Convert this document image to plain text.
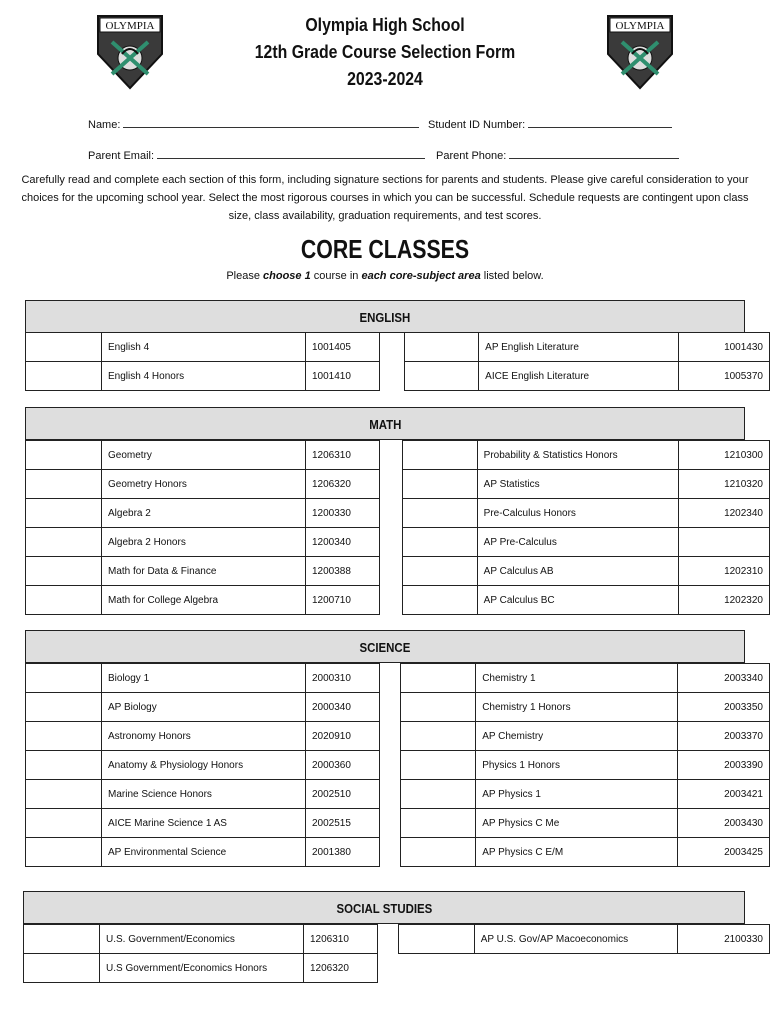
OLYMPIA	OLYMPIA
Olympia High School
12th Grade Course Selection Form
2023-2024
Name:	Student ID Number:
Parent Email:	Parent Phone:
Carefully read and complete each section of this form, including signature sections for parents and students. Please give careful consideration to your choices for the upcoming school year. Select the most rigorous courses in which you can be successful. Schedule requests are contingent upon class size, class availability, graduation requirements, and test scores.
CORE CLASSES
Please choose 1 course in each core-subject area listed below.
ENGLISH
	English 4	1001405
	English 4 Honors	1001410
	AP English Literature	1001430
	AICE English Literature	1005370
MATH
	Geometry	1206310
	Geometry Honors	1206320
	Algebra 2	1200330
	Algebra 2 Honors	1200340
	Math for Data & Finance	1200388
	Math for College Algebra	1200710
	Probability & Statistics Honors	1210300
	AP Statistics	1210320
	Pre-Calculus Honors	1202340
	AP Pre-Calculus	
	AP Calculus AB	1202310
	AP Calculus BC	1202320
SCIENCE
	Biology 1	2000310
	AP Biology	2000340
	Astronomy Honors	2020910
	Anatomy & Physiology Honors	2000360
	Marine Science Honors	2002510
	AICE Marine Science 1 AS	2002515
	AP Environmental Science	2001380
	Chemistry 1	2003340
	Chemistry 1 Honors	2003350
	AP Chemistry	2003370
	Physics 1 Honors	2003390
	AP Physics 1	2003421
	AP Physics C Me	2003430
	AP Physics C E/M	2003425
SOCIAL STUDIES
	U.S. Government/Economics	1206310
	U.S Government/Economics Honors	1206320
	AP U.S. Gov/AP Macoeconomics	2100330
